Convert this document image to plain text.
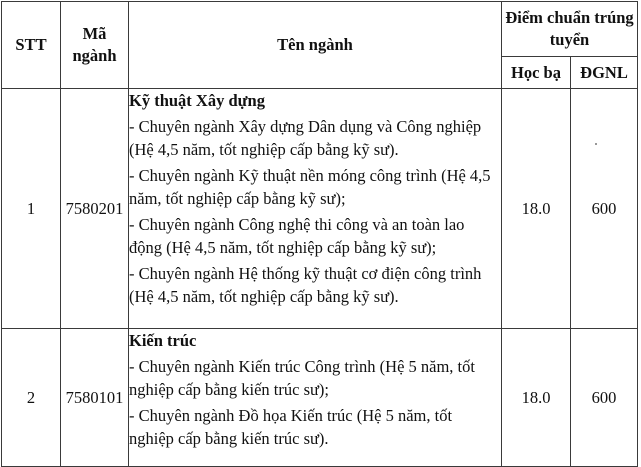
STT	Mã ngành	Tên ngành	Điểm chuẩn trúng tuyển	
			Học bạ	ĐGNL
1	7580201	Kỹ thuật Xây dựng
- Chuyên ngành Xây dựng Dân dụng và Công nghiệp (Hệ 4,5 năm, tốt nghiệp cấp bằng kỹ sư).
- Chuyên ngành Kỹ thuật nền móng công trình (Hệ 4,5 năm, tốt nghiệp cấp bằng kỹ sư);
- Chuyên ngành Công nghệ thi công và an toàn lao động (Hệ 4,5 năm, tốt nghiệp cấp bằng kỹ sư);
- Chuyên ngành Hệ thống kỹ thuật cơ điện công trình (Hệ 4,5 năm, tốt nghiệp cấp bằng kỹ sư).	18.0	600
2	7580101	Kiến trúc
- Chuyên ngành Kiến trúc Công trình (Hệ 5 năm, tốt nghiệp cấp bằng kiến trúc sư);
- Chuyên ngành Đồ họa Kiến trúc (Hệ 5 năm, tốt nghiệp cấp bằng kiến trúc sư).	18.0	600
